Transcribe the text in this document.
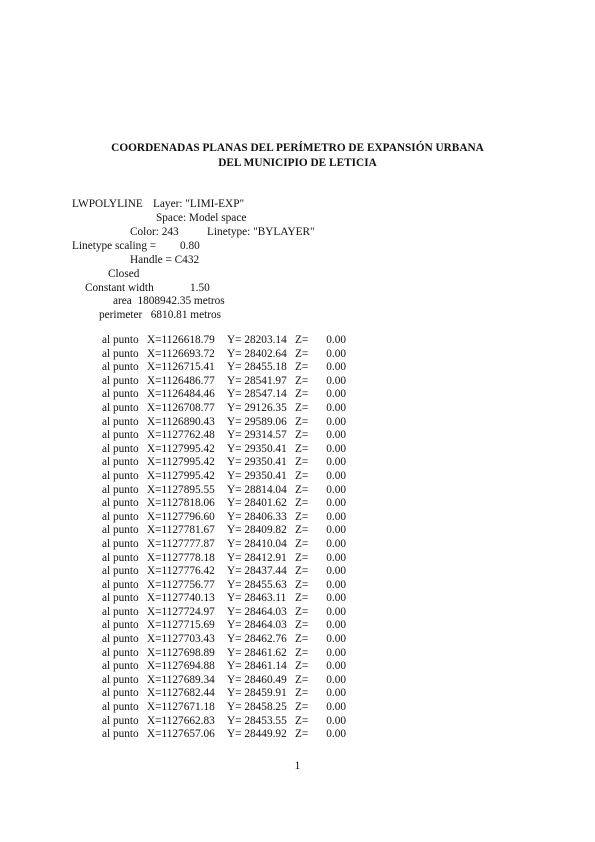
COORDENADAS PLANAS DEL PERÍMETRO DE EXPANSIÓN URBANA
DEL MUNICIPIO DE LETICIA
LWPOLYLINE Layer: "LIMI-EXP"
Space: Model space
Color: 243	Linetype: "BYLAYER"
Linetype scaling = 0.80
Handle = C432
Closed
Constant width	1.50
area  1808942.35 metros
perimeter   6810.81 metros
al punto X=1126618.79 Y= 28203.14 Z=	0.00
al punto X=1126693.72 Y= 28402.64 Z=	0.00
al punto X=1126715.41 Y= 28455.18 Z=	0.00
al punto X=1126486.77 Y= 28541.97 Z=	0.00
al punto X=1126484.46 Y= 28547.14 Z=	0.00
al punto X=1126708.77 Y= 29126.35 Z=	0.00
al punto X=1126890.43 Y= 29589.06 Z=	0.00
al punto X=1127762.48 Y= 29314.57 Z=	0.00
al punto X=1127995.42 Y= 29350.41 Z=	0.00
al punto X=1127995.42 Y= 29350.41 Z=	0.00
al punto X=1127995.42 Y= 29350.41 Z=	0.00
al punto X=1127895.55 Y= 28814.04 Z=	0.00
al punto X=1127818.06 Y= 28401.62 Z=	0.00
al punto X=1127796.60 Y= 28406.33 Z=	0.00
al punto X=1127781.67 Y= 28409.82 Z=	0.00
al punto X=1127777.87 Y= 28410.04 Z=	0.00
al punto X=1127778.18 Y= 28412.91 Z=	0.00
al punto X=1127776.42 Y= 28437.44 Z=	0.00
al punto X=1127756.77 Y= 28455.63 Z=	0.00
al punto X=1127740.13 Y= 28463.11 Z=	0.00
al punto X=1127724.97 Y= 28464.03 Z=	0.00
al punto X=1127715.69 Y= 28464.03 Z=	0.00
al punto X=1127703.43 Y= 28462.76 Z=	0.00
al punto X=1127698.89 Y= 28461.62 Z=	0.00
al punto X=1127694.88 Y= 28461.14 Z=	0.00
al punto X=1127689.34 Y= 28460.49 Z=	0.00
al punto X=1127682.44 Y= 28459.91 Z=	0.00
al punto X=1127671.18 Y= 28458.25 Z=	0.00
al punto X=1127662.83 Y= 28453.55 Z=	0.00
al punto X=1127657.06 Y= 28449.92 Z=	0.00
1
